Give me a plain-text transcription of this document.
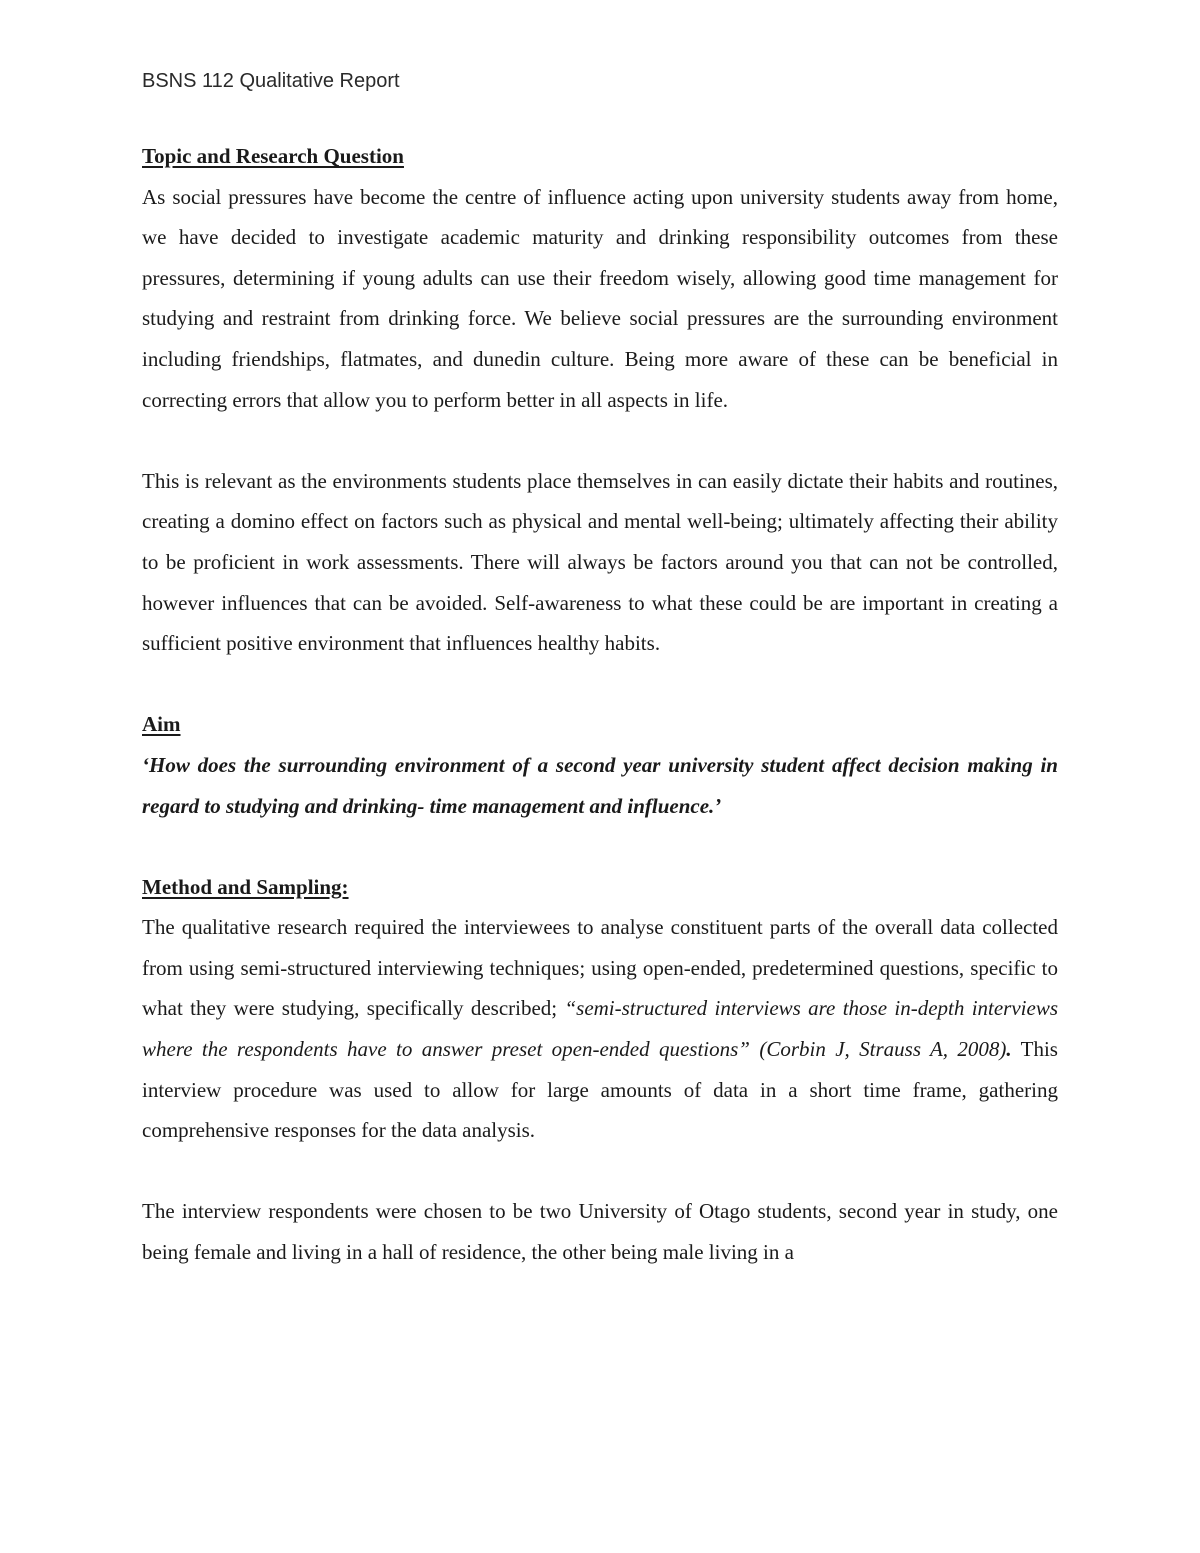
BSNS 112 Qualitative Report

Topic and Research Question

As social pressures have become the centre of influence acting upon university students away from home, we have decided to investigate academic maturity and drinking responsibility outcomes from these pressures, determining if young adults can use their freedom wisely, allowing good time management for studying and restraint from drinking force. We believe social pressures are the surrounding environment including friendships, flatmates, and dunedin culture. Being more aware of these can be beneficial in correcting errors that allow you to perform better in all aspects in life.

This is relevant as the environments students place themselves in can easily dictate their habits and routines, creating a domino effect on factors such as physical and mental well-being; ultimately affecting their ability to be proficient in work assessments. There will always be factors around you that can not be controlled, however influences that can be avoided. Self-awareness to what these could be are important in creating a sufficient positive environment that influences healthy habits.

Aim

‘How does the surrounding environment of a second year university student affect decision making in regard to studying and drinking- time management and influence.’

Method and Sampling:

The qualitative research required the interviewees to analyse constituent parts of the overall data collected from using semi-structured interviewing techniques; using open-ended, predetermined questions, specific to what they were studying, specifically described; “semi-structured interviews are those in-depth interviews where the respondents have to answer preset open-ended questions” (Corbin J, Strauss A, 2008). This interview procedure was used to allow for large amounts of data in a short time frame, gathering comprehensive responses for the data analysis.

The interview respondents were chosen to be two University of Otago students, second year in study, one being female and living in a hall of residence, the other being male living in a
